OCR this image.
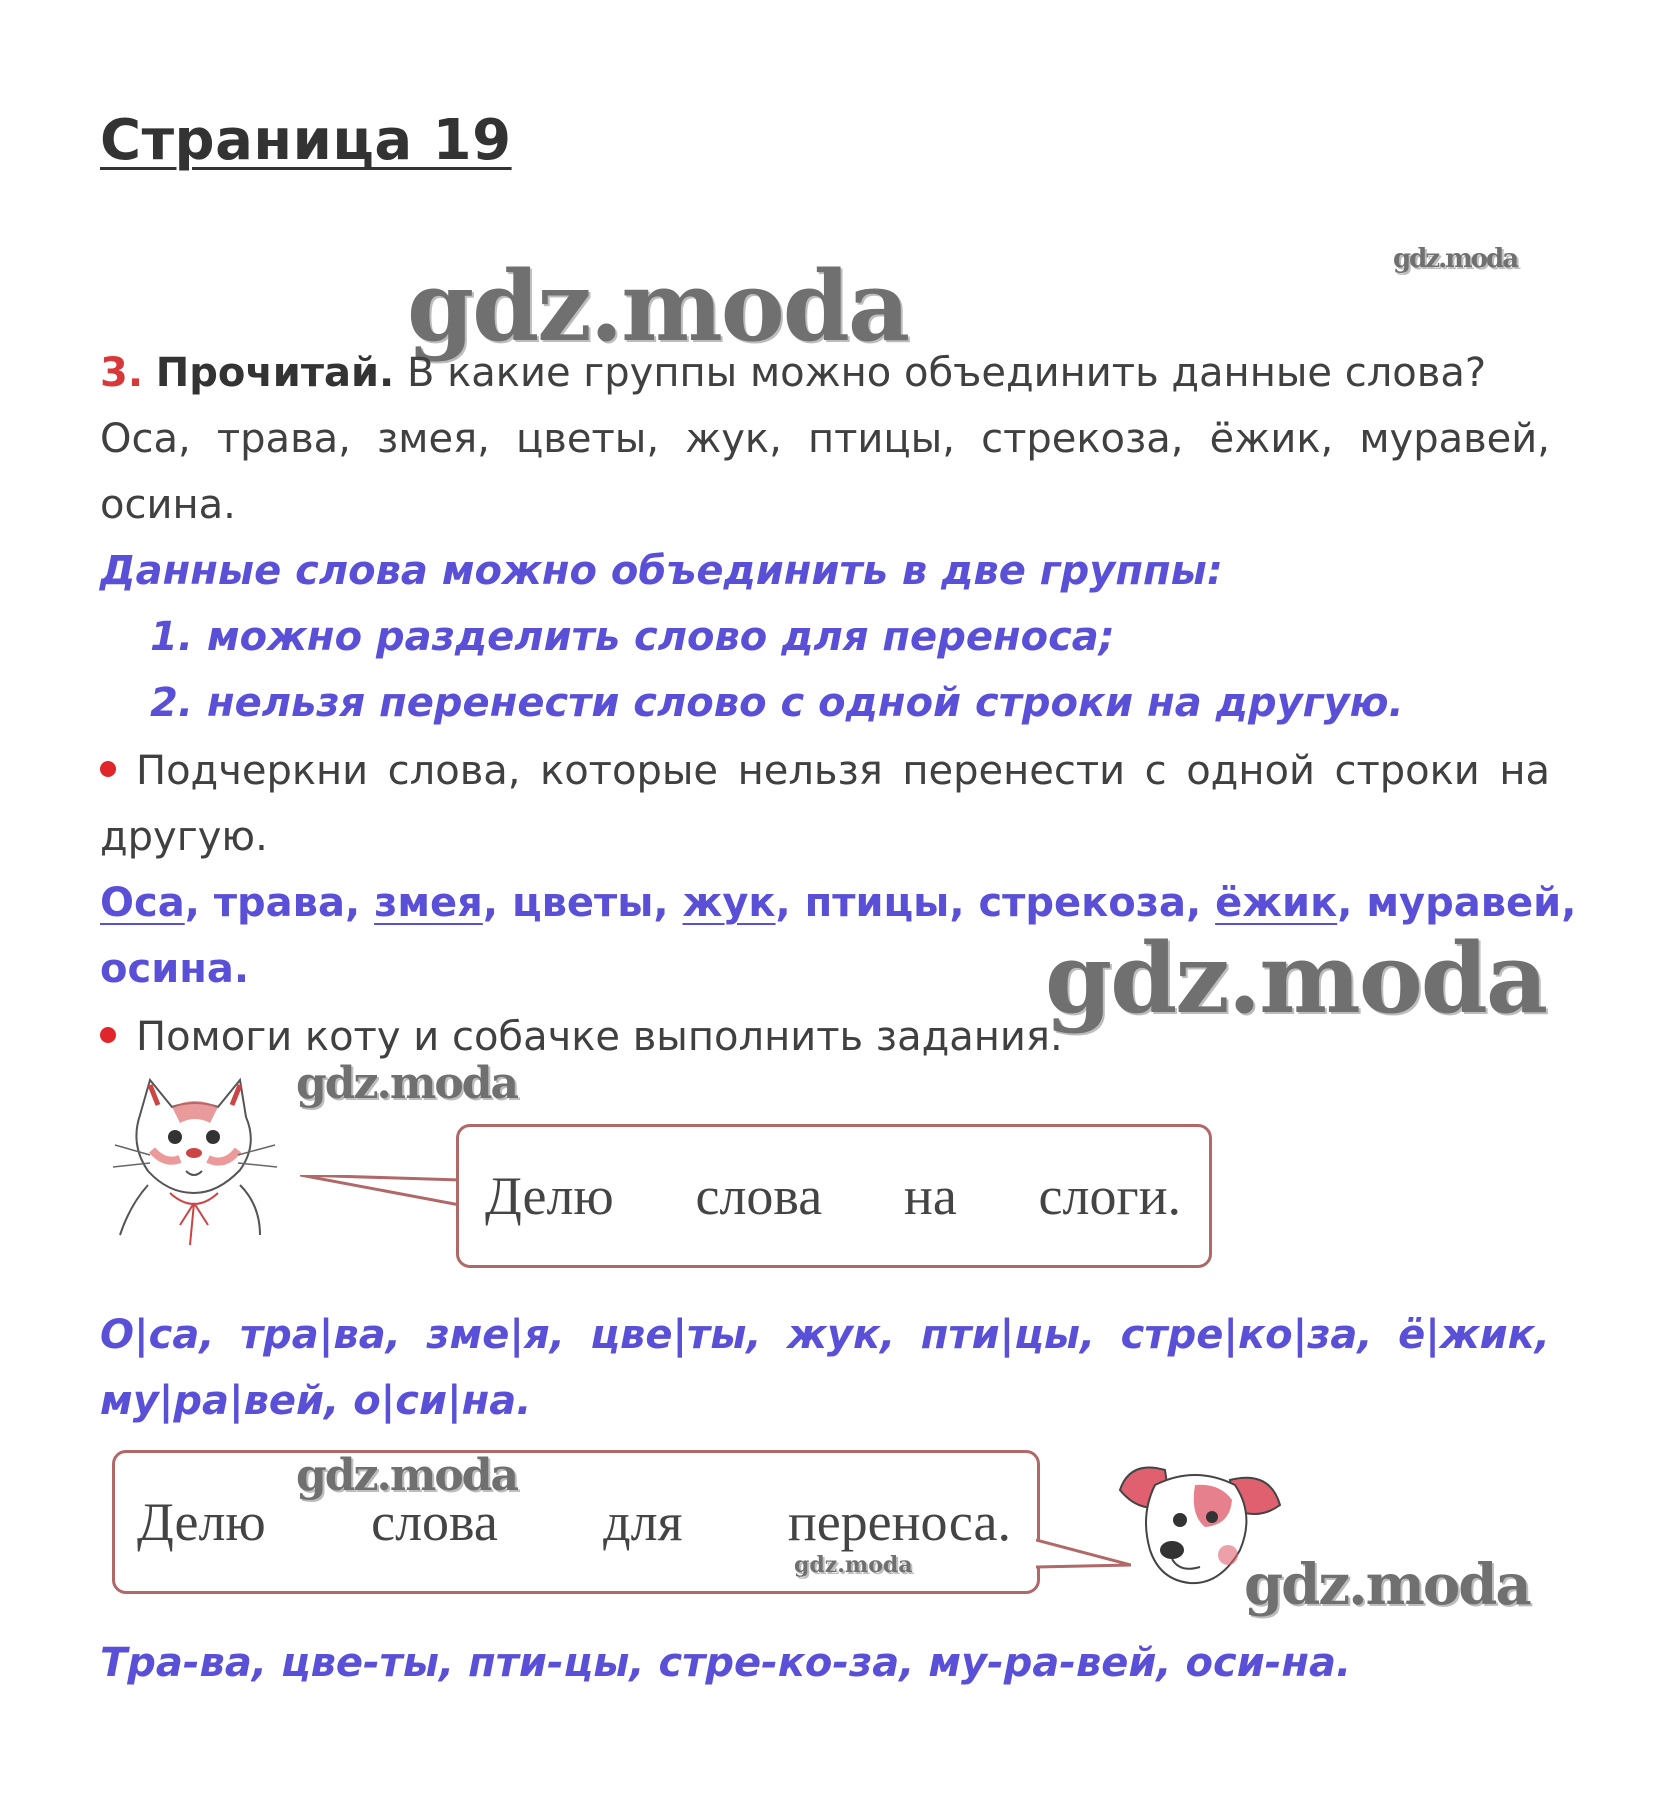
Страница 19
gdz.moda
gdz.moda
3. Прочитай. В какие группы можно объединить данные слова?
Оса, трава, змея, цветы, жук, птицы, стрекоза, ёжик, муравей,
осина.
Данные слова можно объединить в две группы:
1. можно разделить слово для переноса;
2. нельзя перенести слово с одной строки на другую.
Подчеркни слова, которые нельзя перенести с одной строки на
другую.
Оса, трава, змея, цветы, жук, птицы, стрекоза, ёжик, муравей,
осина.	gdz.moda
Помоги коту и собачке выполнить задания.
gdz.moda
Делю слова на слоги.
О|са, тра|ва, зме|я, цве|ты, жук, пти|цы, стре|ко|за, ё|жик,
му|ра|вей, о|си|на.
Делю слова для переноса.
gdz.moda
gdz.moda	gdz.moda
Тра-ва, цве-ты, пти-цы, стре-ко-за, му-ра-вей, оси-на.
